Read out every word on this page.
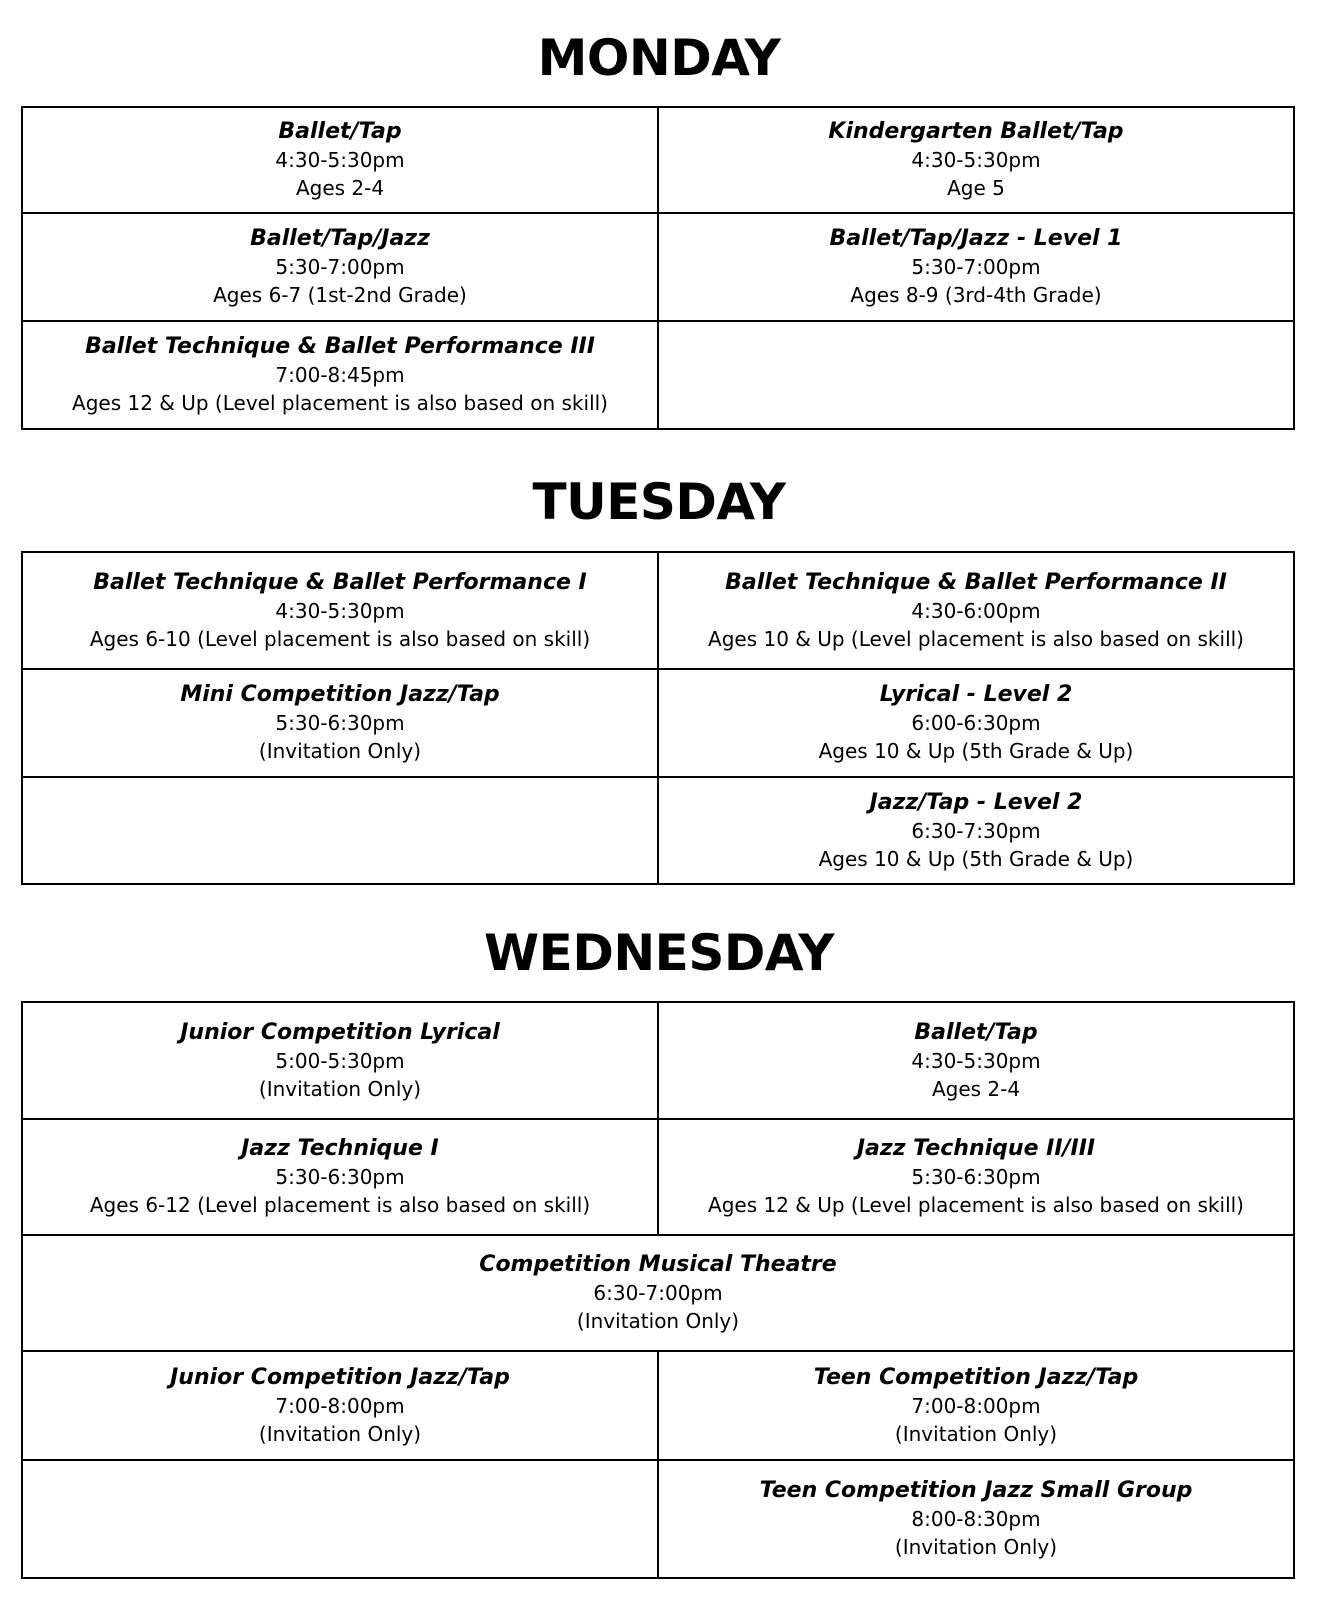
MONDAY
Ballet/Tap
4:30-5:30pm
Ages 2-4	Kindergarten Ballet/Tap
4:30-5:30pm
Age 5

Ballet/Tap/Jazz
5:30-7:00pm
Ages 6-7 (1st-2nd Grade)	Ballet/Tap/Jazz - Level 1
5:30-7:00pm
Ages 8-9 (3rd-4th Grade)

Ballet Technique & Ballet Performance III
7:00-8:45pm
Ages 12 & Up (Level placement is also based on skill)	

TUESDAY
Ballet Technique & Ballet Performance I
4:30-5:30pm
Ages 6-10 (Level placement is also based on skill)	Ballet Technique & Ballet Performance II
4:30-6:00pm
Ages 10 & Up (Level placement is also based on skill)

Mini Competition Jazz/Tap
5:30-6:30pm
(Invitation Only)	Lyrical - Level 2
6:00-6:30pm
Ages 10 & Up (5th Grade & Up)

	Jazz/Tap - Level 2
6:30-7:30pm
Ages 10 & Up (5th Grade & Up)
WEDNESDAY
Junior Competition Lyrical
5:00-5:30pm
(Invitation Only)	Ballet/Tap
4:30-5:30pm
Ages 2-4

Jazz Technique I
5:30-6:30pm
Ages 6-12 (Level placement is also based on skill)	Jazz Technique II/III
5:30-6:30pm
Ages 12 & Up (Level placement is also based on skill)

Competition Musical Theatre
6:30-7:00pm
(Invitation Only)	

Junior Competition Jazz/Tap
7:00-8:00pm
(Invitation Only)	Teen Competition Jazz/Tap
7:00-8:00pm
(Invitation Only)

	Teen Competition Jazz Small Group
8:00-8:30pm
(Invitation Only)
